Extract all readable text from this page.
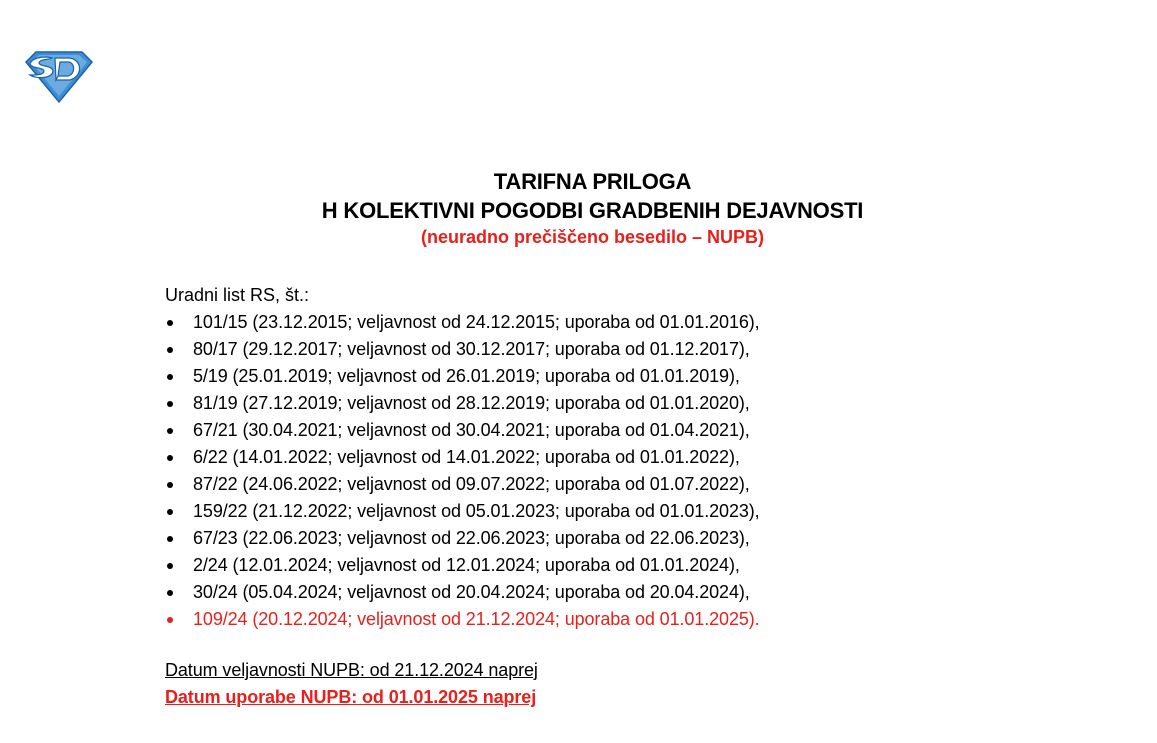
TARIFNA PRILOGA
H KOLEKTIVNI POGODBI GRADBENIH DEJAVNOSTI
(neuradno prečiščeno besedilo – NUPB)

Uradni list RS, št.:

101/15 (23.12.2015; veljavnost od 24.12.2015; uporaba od 01.01.2016),
80/17 (29.12.2017; veljavnost od 30.12.2017; uporaba od 01.12.2017),
5/19 (25.01.2019; veljavnost od 26.01.2019; uporaba od 01.01.2019),
81/19 (27.12.2019; veljavnost od 28.12.2019; uporaba od 01.01.2020),
67/21 (30.04.2021; veljavnost od 30.04.2021; uporaba od 01.04.2021),
6/22 (14.01.2022; veljavnost od 14.01.2022; uporaba od 01.01.2022),
87/22 (24.06.2022; veljavnost od 09.07.2022; uporaba od 01.07.2022),
159/22 (21.12.2022; veljavnost od 05.01.2023; uporaba od 01.01.2023),
67/23 (22.06.2023; veljavnost od 22.06.2023; uporaba od 22.06.2023),
2/24 (12.01.2024; veljavnost od 12.01.2024; uporaba od 01.01.2024),
30/24 (05.04.2024; veljavnost od 20.04.2024; uporaba od 20.04.2024),
109/24 (20.12.2024; veljavnost od 21.12.2024; uporaba od 01.01.2025).
Datum veljavnosti NUPB: od 21.12.2024 naprej
Datum uporabe NUPB: od 01.01.2025 naprej
